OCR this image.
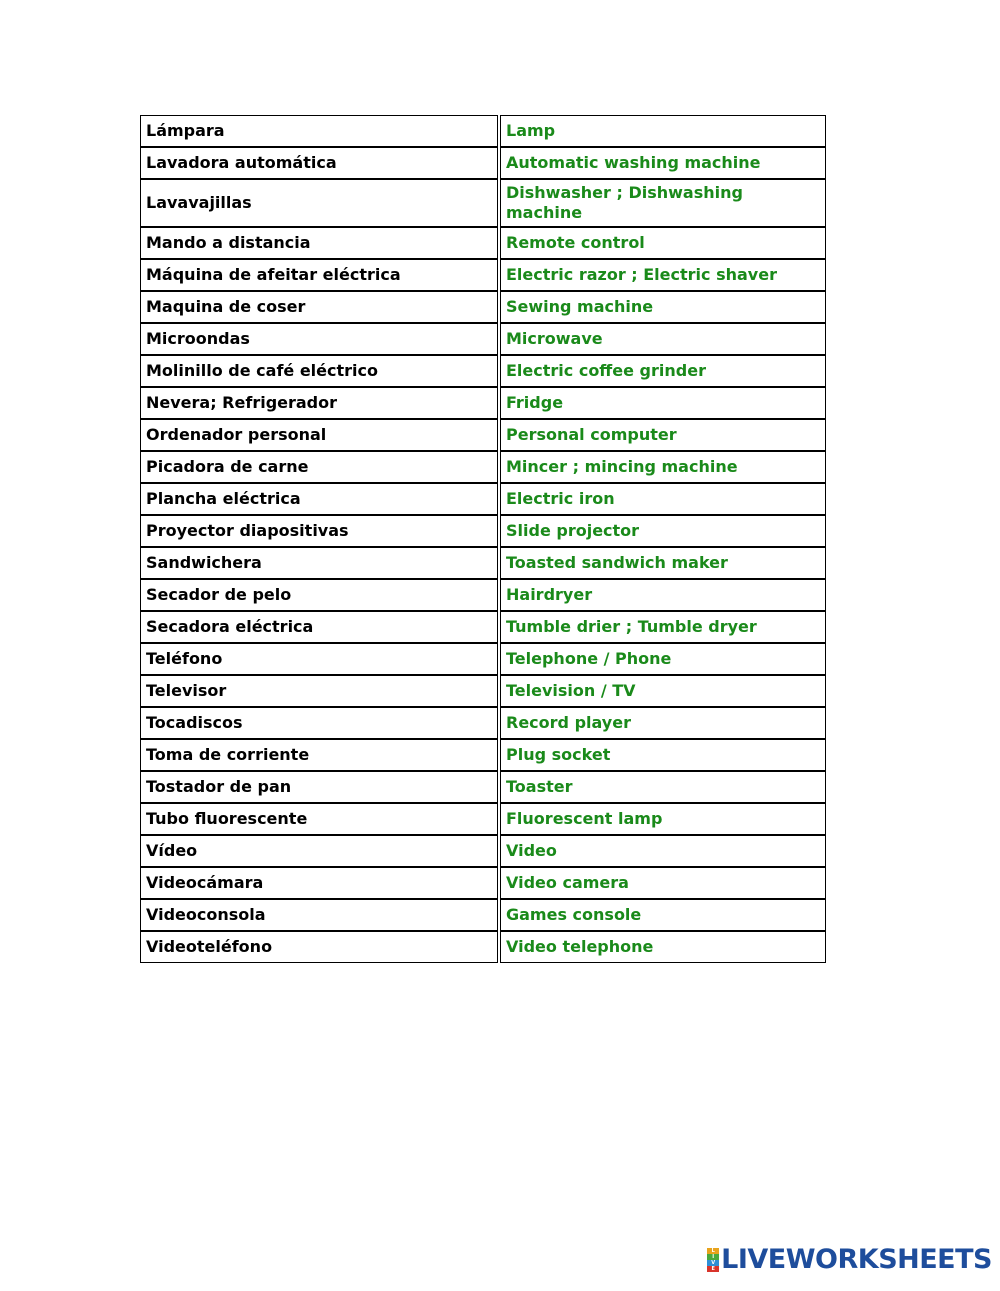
Lámpara		Lamp
Lavadora automática		Automatic washing machine
Lavavajillas		Dishwasher ; Dishwashing machine
Mando a distancia		Remote control
Máquina de afeitar eléctrica		Electric razor ; Electric shaver
Maquina de coser		Sewing machine
Microondas		Microwave
Molinillo de café eléctrico		Electric coffee grinder
Nevera; Refrigerador		Fridge
Ordenador personal		Personal computer
Picadora de carne		Mincer ; mincing machine
Plancha eléctrica		Electric iron
Proyector diapositivas		Slide projector
Sandwichera		Toasted sandwich maker
Secador de pelo		Hairdryer
Secadora eléctrica		Tumble drier ; Tumble dryer
Teléfono		Telephone / Phone
Televisor		Television / TV
Tocadiscos		Record player
Toma de corriente		Plug socket
Tostador de pan		Toaster
Tubo fluorescente		Fluorescent lamp
Vídeo		Video
Videocámara		Video camera
Videoconsola		Games console
Videoteléfono		Video telephone
L
I
V
E LIVEWORKSHEETS
